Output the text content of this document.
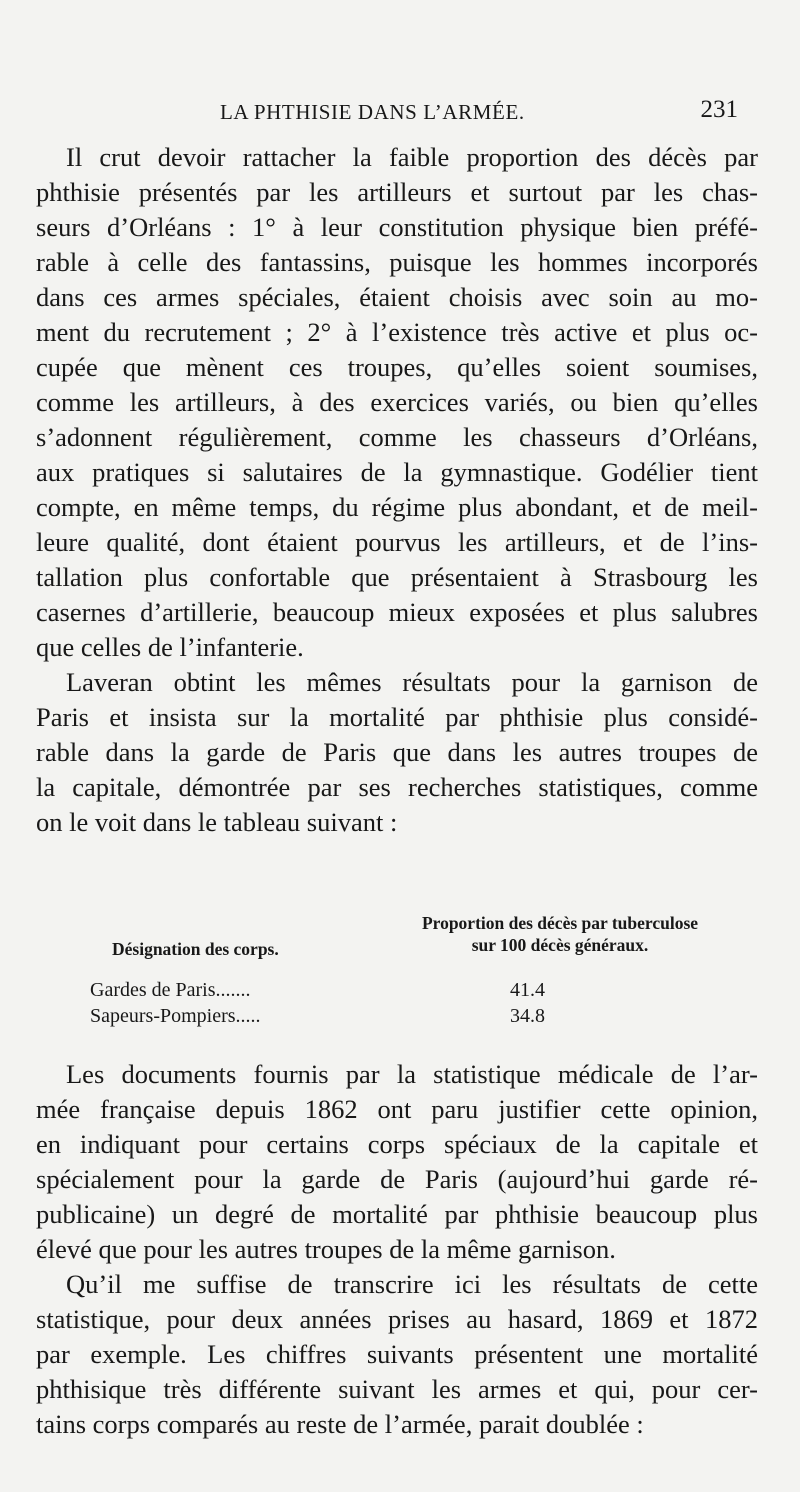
LA PHTHISIE DANS L’ARMÉE.	231
Il crut devoir rattacher la faible proportion des décès par
phthisie présentés par les artilleurs et surtout par les chas-
seurs d’Orléans : 1° à leur constitution physique bien préfé-
rable à celle des fantassins, puisque les hommes incorporés
dans ces armes spéciales, étaient choisis avec soin au mo-
ment du recrutement ; 2° à l’existence très active et plus oc-
cupée que mènent ces troupes, qu’elles soient soumises,
comme les artilleurs, à des exercices variés, ou bien qu’elles
s’adonnent régulièrement, comme les chasseurs d’Orléans,
aux pratiques si salutaires de la gymnastique. Godélier tient
compte, en même temps, du régime plus abondant, et de meil-
leure qualité, dont étaient pourvus les artilleurs, et de l’ins-
tallation plus confortable que présentaient à Strasbourg les
casernes d’artillerie, beaucoup mieux exposées et plus salubres
que celles de l’infanterie.
Laveran obtint les mêmes résultats pour la garnison de
Paris et insista sur la mortalité par phthisie plus considé-
rable dans la garde de Paris que dans les autres troupes de
la capitale, démontrée par ses recherches statistiques, comme
on le voit dans le tableau suivant :
Proportion des décès par tuberculose
sur 100 décès généraux.
Désignation des corps.
Gardes de Paris.......	41.4
Sapeurs-Pompiers.....	34.8
Les documents fournis par la statistique médicale de l’ar-
mée française depuis 1862 ont paru justifier cette opinion,
en indiquant pour certains corps spéciaux de la capitale et
spécialement pour la garde de Paris (aujourd’hui garde ré-
publicaine) un degré de mortalité par phthisie beaucoup plus
élevé que pour les autres troupes de la même garnison.
Qu’il me suffise de transcrire ici les résultats de cette
statistique, pour deux années prises au hasard, 1869 et 1872
par exemple. Les chiffres suivants présentent une mortalité
phthisique très différente suivant les armes et qui, pour cer-
tains corps comparés au reste de l’armée, parait doublée :
